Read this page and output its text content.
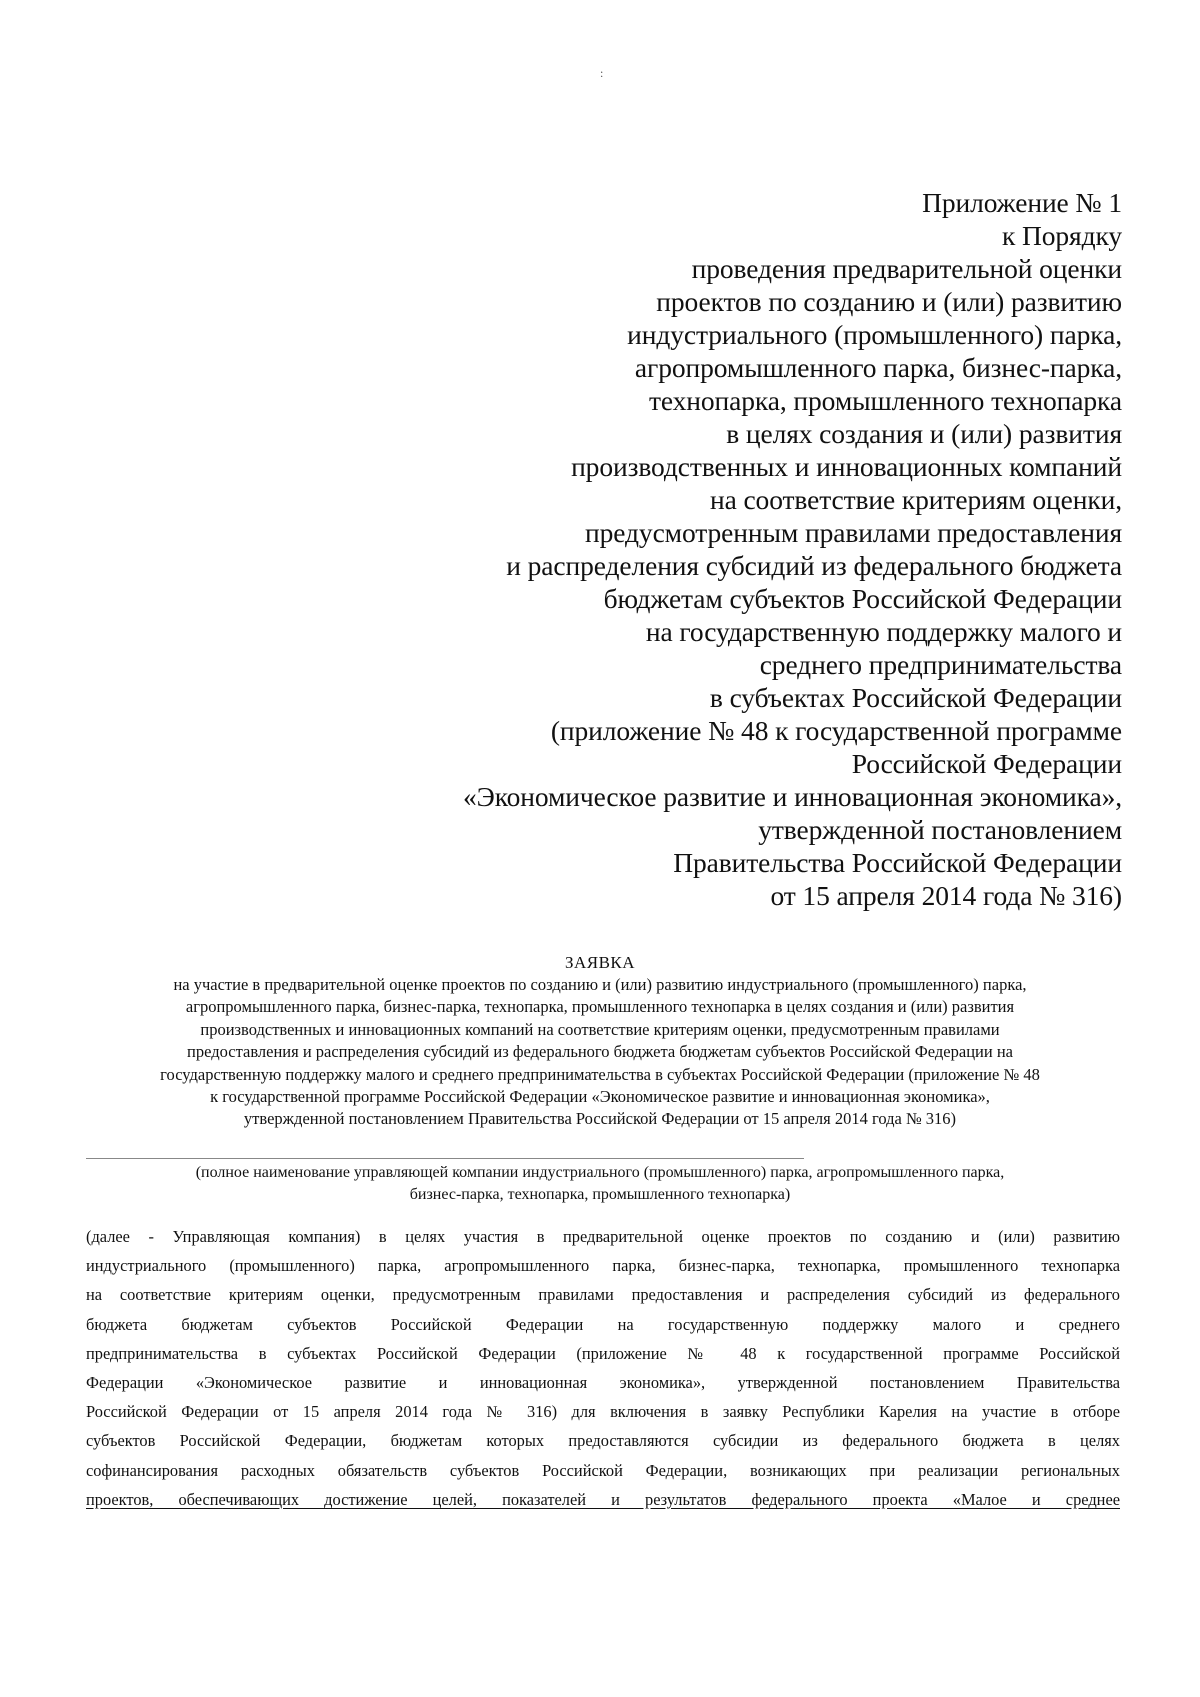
:
Приложение № 1
к Порядку
проведения предварительной оценки
проектов по созданию и (или) развитию
индустриального (промышленного) парка,
агропромышленного парка, бизнес-парка,
технопарка, промышленного технопарка
в целях создания и (или) развития
производственных и инновационных компаний
на соответствие критериям оценки,
предусмотренным правилами предоставления
и распределения субсидий из федерального бюджета
бюджетам субъектов Российской Федерации
на государственную поддержку малого и
среднего предпринимательства
в субъектах Российской Федерации
(приложение № 48 к государственной программе
Российской Федерации
«Экономическое развитие и инновационная экономика»,
утвержденной постановлением
Правительства Российской Федерации
от 15 апреля 2014 года № 316)
ЗАЯВКА
на участие в предварительной оценке проектов по созданию и (или) развитию индустриального (промышленного) парка,
агропромышленного парка, бизнес-парка, технопарка, промышленного технопарка в целях создания и (или) развития
производственных и инновационных компаний на соответствие критериям оценки, предусмотренным правилами
предоставления и распределения субсидий из федерального бюджета бюджетам субъектов Российской Федерации на
государственную поддержку малого и среднего предпринимательства в субъектах Российской Федерации (приложение № 48
к государственной программе Российской Федерации «Экономическое развитие и инновационная экономика»,
утвержденной постановлением Правительства Российской Федерации от 15 апреля 2014 года № 316)
(полное наименование управляющей компании индустриального (промышленного) парка, агропромышленного парка,
бизнес-парка, технопарка, промышленного технопарка)
(далее - Управляющая компания) в целях участия в предварительной оценке проектов по созданию и (или) развитию
индустриального (промышленного) парка, агропромышленного парка, бизнес-парка, технопарка, промышленного технопарка
на соответствие критериям оценки, предусмотренным правилами предоставления и распределения субсидий из федерального
бюджета бюджетам субъектов Российской Федерации на государственную поддержку малого и среднего
предпринимательства в субъектах Российской Федерации (приложение № 48 к государственной программе Российской
Федерации «Экономическое развитие и инновационная экономика», утвержденной постановлением Правительства
Российской Федерации от 15 апреля 2014 года № 316) для включения в заявку Республики Карелия на участие в отборе
субъектов Российской Федерации, бюджетам которых предоставляются субсидии из федерального бюджета в целях
софинансирования расходных обязательств субъектов Российской Федерации, возникающих при реализации региональных
проектов, обеспечивающих достижение целей, показателей и результатов федерального проекта «Малое и среднее
